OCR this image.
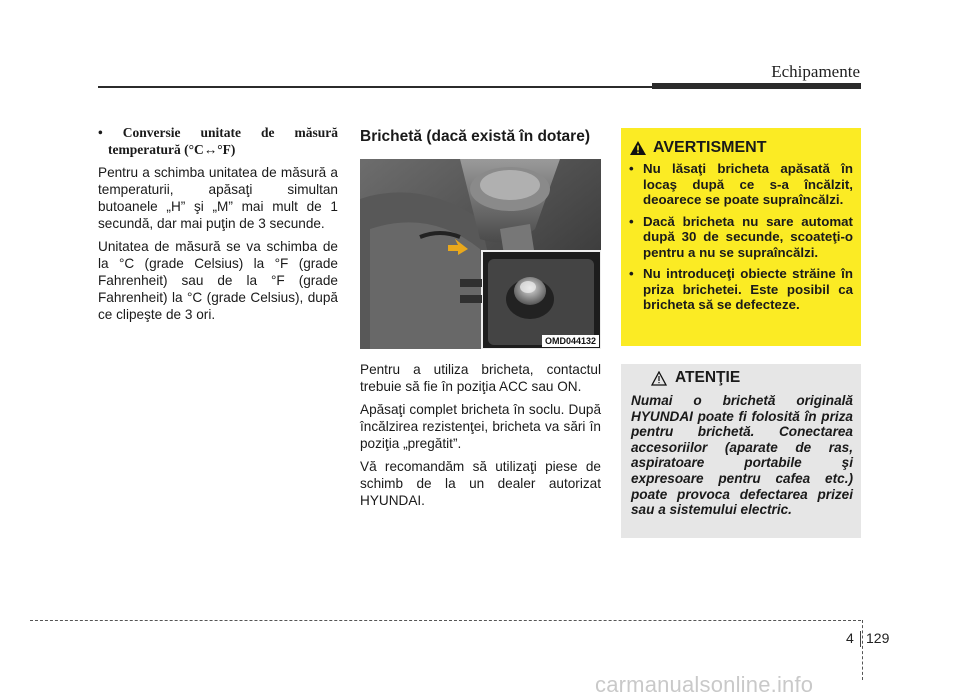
Echipamente
• Conversie unitate de măsură
temperatură (°C↔°F)

Pentru a schimba unitatea de măsură a temperaturii, apăsaţi simultan butoanele „H” şi „M” mai mult de 1 secundă, dar mai puţin de 3 secunde.

Unitatea de măsură se va schimba de la °C (grade Celsius) la °F (grade Fahrenheit) sau de la °F (grade Fahrenheit) la °C (grade Celsius), după ce clipeşte de 3 ori.

Brichetă (dacă există în dotare)
OMD044132

Pentru a utiliza bricheta, contactul trebuie să fie în poziţia ACC sau ON.

Apăsaţi complet bricheta în soclu. După încălzirea rezistenţei, bricheta va sări în poziţia „pregătit”.

Vă recomandăm să utilizaţi piese de schimb de la un dealer autorizat HYUNDAI.

AVERTISMENT
• Nu lăsaţi bricheta apăsată în locaş după ce s-a încălzit, deoarece se poate supraîncălzi.
• Dacă bricheta nu sare automat după 30 de secunde, scoateţi-o pentru a nu se supraîncălzi.
• Nu introduceţi obiecte străine în priza brichetei. Este posibil ca bricheta să se defecteze.
ATENŢIE

Numai o brichetă originală HYUNDAI poate fi folosită în priza pentru brichetă. Conectarea accesoriilor (aparate de ras, aspiratoare portabile şi expresoare pentru cafea etc.) poate provoca defectarea prizei sau a sistemului electric.

4 129
carmanualsonline.info
